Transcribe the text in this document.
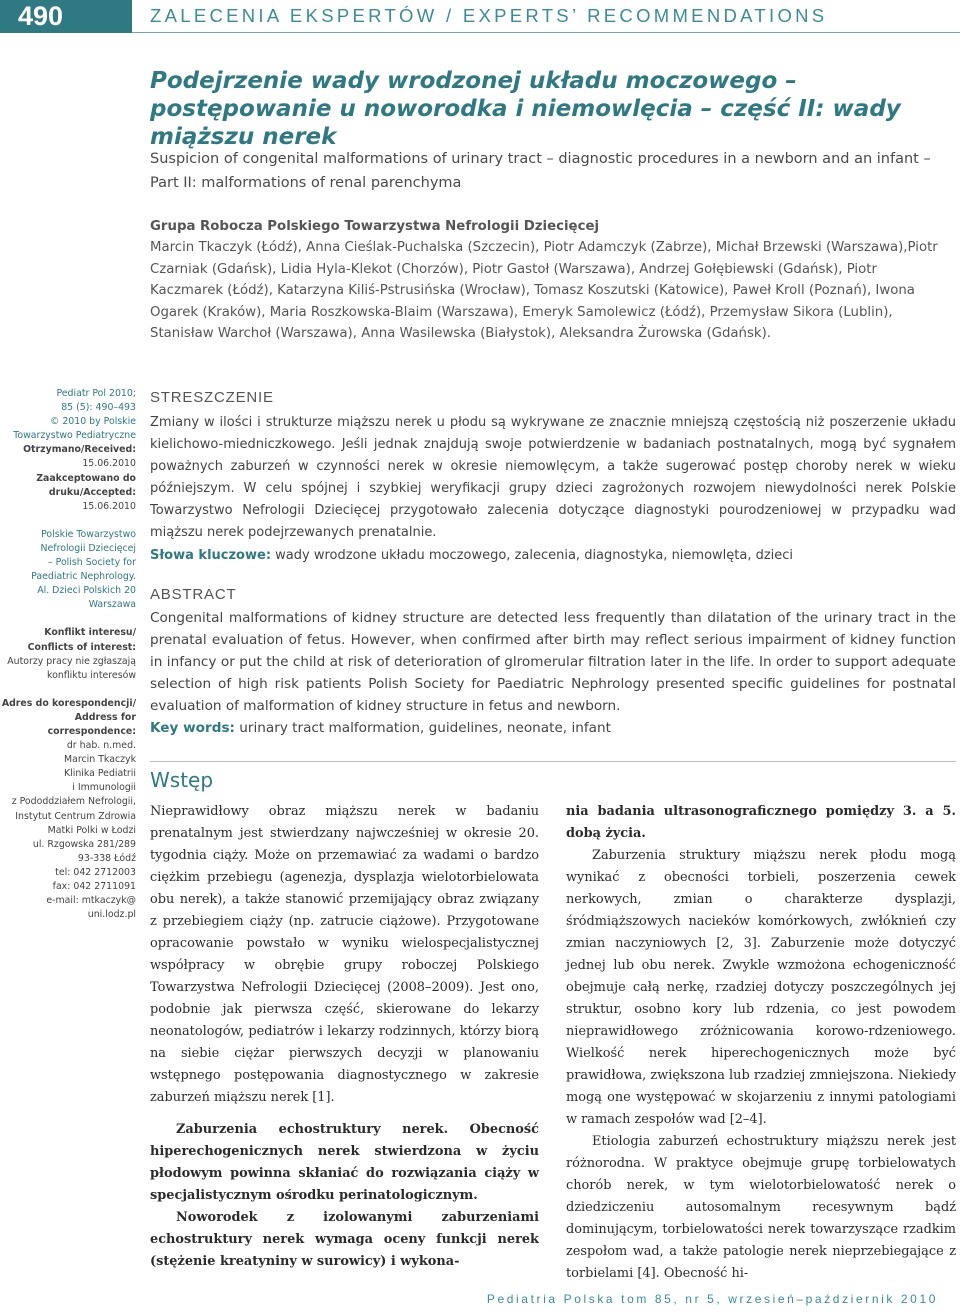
490	ZALECENIA EKSPERTÓW / EXPERTS’ RECOMMENDATIONS
Podejrzenie wady wrodzonej układu moczowego – postępowanie u noworodka i niemowlęcia – część II: wady miąższu nerek
Suspicion of congenital malformations of urinary tract – diagnostic procedures in a newborn and an infant – Part II: malformations of renal parenchyma
Grupa Robocza Polskiego Towarzystwa Nefrologii Dziecięcej
Marcin Tkaczyk (Łódź), Anna Cieślak-Puchalska (Szczecin), Piotr Adamczyk (Zabrze), Michał Brzewski (Warszawa),Piotr Czarniak (Gdańsk), Lidia Hyla-Klekot (Chorzów), Piotr Gastoł (Warszawa), Andrzej Gołębiewski (Gdańsk), Piotr Kaczmarek (Łódź), Katarzyna Kiliś-Pstrusińska (Wrocław), Tomasz Koszutski (Katowice), Paweł Kroll (Poznań), Iwona Ogarek (Kraków), Maria Roszkowska-Blaim (Warszawa), Emeryk Samolewicz (Łódź), Przemysław Sikora (Lublin), Stanisław Warchoł (Warszawa), Anna Wasilewska (Białystok), Aleksandra Żurowska (Gdańsk).
Pediatr Pol 2010;
85 (5): 490–493
© 2010 by Polskie
Towarzystwo Pediatryczne
Otrzymano/Received:
15.06.2010
Zaakceptowano do
druku/Accepted:
15.06.2010
Polskie Towarzystwo
Nefrologii Dziecięcej
– Polish Society for
Paediatric Nephrology.
Al. Dzieci Polskich 20
Warszawa
Konflikt interesu/
Conflicts of interest:
Autorzy pracy nie zgłaszają
konfliktu interesów
Adres do korespondencji/
Address for
correspondence:
dr hab. n.med.
Marcin Tkaczyk
Klinika Pediatrii
i Immunologii
z Pododdziałem Nefrologii,
Instytut Centrum Zdrowia
Matki Polki w Łodzi
ul. Rzgowska 281/289
93-338 Łódź
tel: 042 2712003
fax: 042 2711091
e-mail: mtkaczyk@
uni.lodz.pl
STRESZCZENIE
Zmiany w ilości i strukturze miąższu nerek u płodu są wykrywane ze znacznie mniejszą częstością niż poszerzenie układu kielichowo-miedniczkowego. Jeśli jednak znajdują swoje potwierdzenie w badaniach postnatalnych, mogą być sygnałem poważnych zaburzeń w czynności nerek w okresie niemowlęcym, a także sugerować postęp choroby nerek w wieku późniejszym. W celu spójnej i szybkiej weryfikacji grupy dzieci zagrożonych rozwojem niewydolności nerek Polskie Towarzystwo Nefrologii Dziecięcej przygotowało zalecenia dotyczące diagnostyki pourodzeniowej w przypadku wad miąższu nerek podejrzewanych prenatalnie.
Słowa kluczowe: wady wrodzone układu moczowego, zalecenia, diagnostyka, niemowlęta, dzieci
ABSTRACT
Congenital malformations of kidney structure are detected less frequently than dilatation of the urinary tract in the prenatal evaluation of fetus. However, when confirmed after birth may reflect serious impairment of kidney function in infancy or put the child at risk of deterioration of glromerular filtration later in the life. In order to support adequate selection of high risk patients Polish Society for Paediatric Nephrology presented specific guidelines for postnatal evaluation of malformation of kidney structure in fetus and newborn.
Key words: urinary tract malformation, guidelines, neonate, infant
Wstęp

Nieprawidłowy obraz miąższu nerek w badaniu prenatalnym jest stwierdzany najwcześniej w okresie 20. tygodnia ciąży. Może on przemawiać za wadami o bardzo ciężkim przebiegu (agenezja, dysplazja wielotorbielowata obu nerek), a także stanowić przemijający obraz związany z przebiegiem ciąży (np. zatrucie ciążowe). Przygotowane opracowanie powstało w wyniku wielospecjalistycznej współpracy w obrębie grupy roboczej Polskiego Towarzystwa Nefrologii Dziecięcej (2008–2009). Jest ono, podobnie jak pierwsza część, skierowane do lekarzy neonatologów, pediatrów i lekarzy rodzinnych, którzy biorą na siebie ciężar pierwszych decyzji w planowaniu wstępnego postępowania diagnostycznego w zakresie zaburzeń miąższu nerek [1].

Zaburzenia echostruktury nerek. Obecność hiperechogenicznych nerek stwierdzona w życiu płodowym powinna skłaniać do rozwiązania ciąży w specjalistycznym ośrodku perinatologicznym.

Noworodek z izolowanymi zaburzeniami echostruktury nerek wymaga oceny funkcji nerek (stężenie kreatyniny w surowicy) i wykona-

nia badania ultrasonograficznego pomiędzy 3. a 5. dobą życia.

Zaburzenia struktury miąższu nerek płodu mogą wynikać z obecności torbieli, poszerzenia cewek nerkowych, zmian o charakterze dysplazji, śródmiąższowych nacieków komórkowych, zwłóknień czy zmian naczyniowych [2, 3]. Zaburzenie może dotyczyć jednej lub obu nerek. Zwykle wzmożona echogeniczność obejmuje całą nerkę, rzadziej dotyczy poszczególnych jej struktur, osobno kory lub rdzenia, co jest powodem nieprawidłowego zróżnicowania korowo-rdzeniowego. Wielkość nerek hiperechogenicznych może być prawidłowa, zwiększona lub rzadziej zmniejszona. Niekiedy mogą one występować w skojarzeniu z innymi patologiami w ramach zespołów wad [2–4].

Etiologia zaburzeń echostruktury miąższu nerek jest różnorodna. W praktyce obejmuje grupę torbielowatych chorób nerek, w tym wielotorbielowatość nerek o dziedziczeniu autosomalnym recesywnym bądź dominującym, torbielowatości nerek towarzyszące rzadkim zespołom wad, a także patologie nerek nieprzebiegające z torbielami [4]. Obecność hi-

Pediatria Polska tom 85, nr 5, wrzesień–październik 2010
